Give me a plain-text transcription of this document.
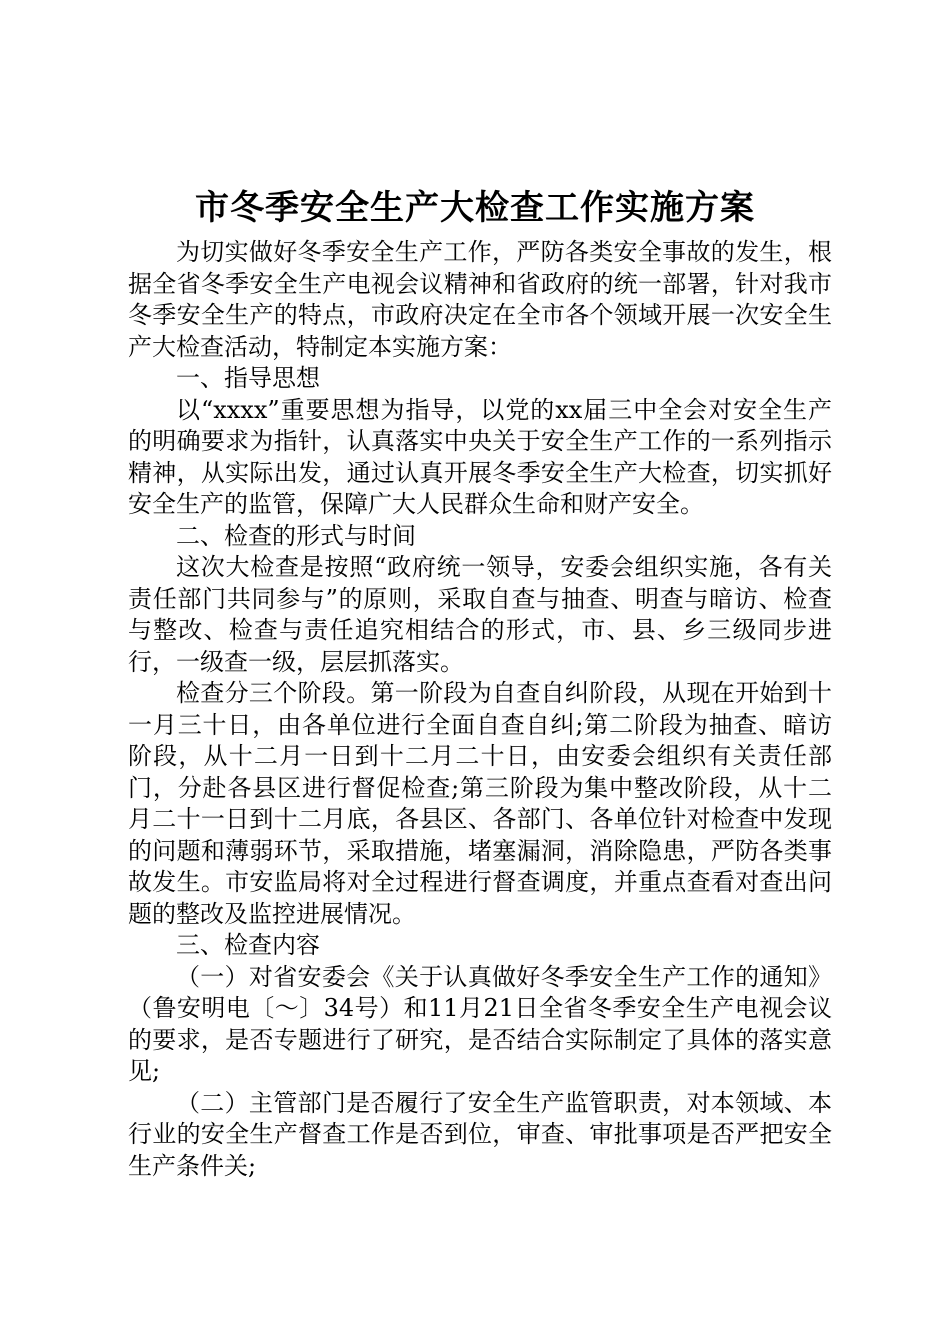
市冬季安全生产大检查工作实施方案

为切实做好冬季安全生产工作，严防各类安全事故的发生，根据全省冬季安全生产电视会议精神和省政府的统一部署，针对我市冬季安全生产的特点，市政府决定在全市各个领域开展一次安全生产大检查活动，特制定本实施方案：

一、指导思想

以“xxxx”重要思想为指导，以党的xx届三中全会对安全生产的明确要求为指针，认真落实中央关于安全生产工作的一系列指示精神，从实际出发，通过认真开展冬季安全生产大检查，切实抓好安全生产的监管，保障广大人民群众生命和财产安全。

二、检查的形式与时间

这次大检查是按照“政府统一领导，安委会组织实施，各有关责任部门共同参与”的原则，采取自查与抽查、明查与暗访、检查与整改、检查与责任追究相结合的形式，市、县、乡三级同步进行，一级查一级，层层抓落实。

检查分三个阶段。第一阶段为自查自纠阶段，从现在开始到十一月三十日，由各单位进行全面自查自纠;第二阶段为抽查、暗访阶段，从十二月一日到十二月二十日，由安委会组织有关责任部门，分赴各县区进行督促检查;第三阶段为集中整改阶段，从十二月二十一日到十二月底，各县区、各部门、各单位针对检查中发现的问题和薄弱环节，采取措施，堵塞漏洞，消除隐患，严防各类事故发生。市安监局将对全过程进行督查调度，并重点查看对查出问题的整改及监控进展情况。

三、检查内容

（一）对省安委会《关于认真做好冬季安全生产工作的通知》（鲁安明电〔～〕34号）和11月21日全省冬季安全生产电视会议的要求，是否专题进行了研究，是否结合实际制定了具体的落实意见;

（二）主管部门是否履行了安全生产监管职责，对本领域、本行业的安全生产督查工作是否到位，审查、审批事项是否严把安全生产条件关;
